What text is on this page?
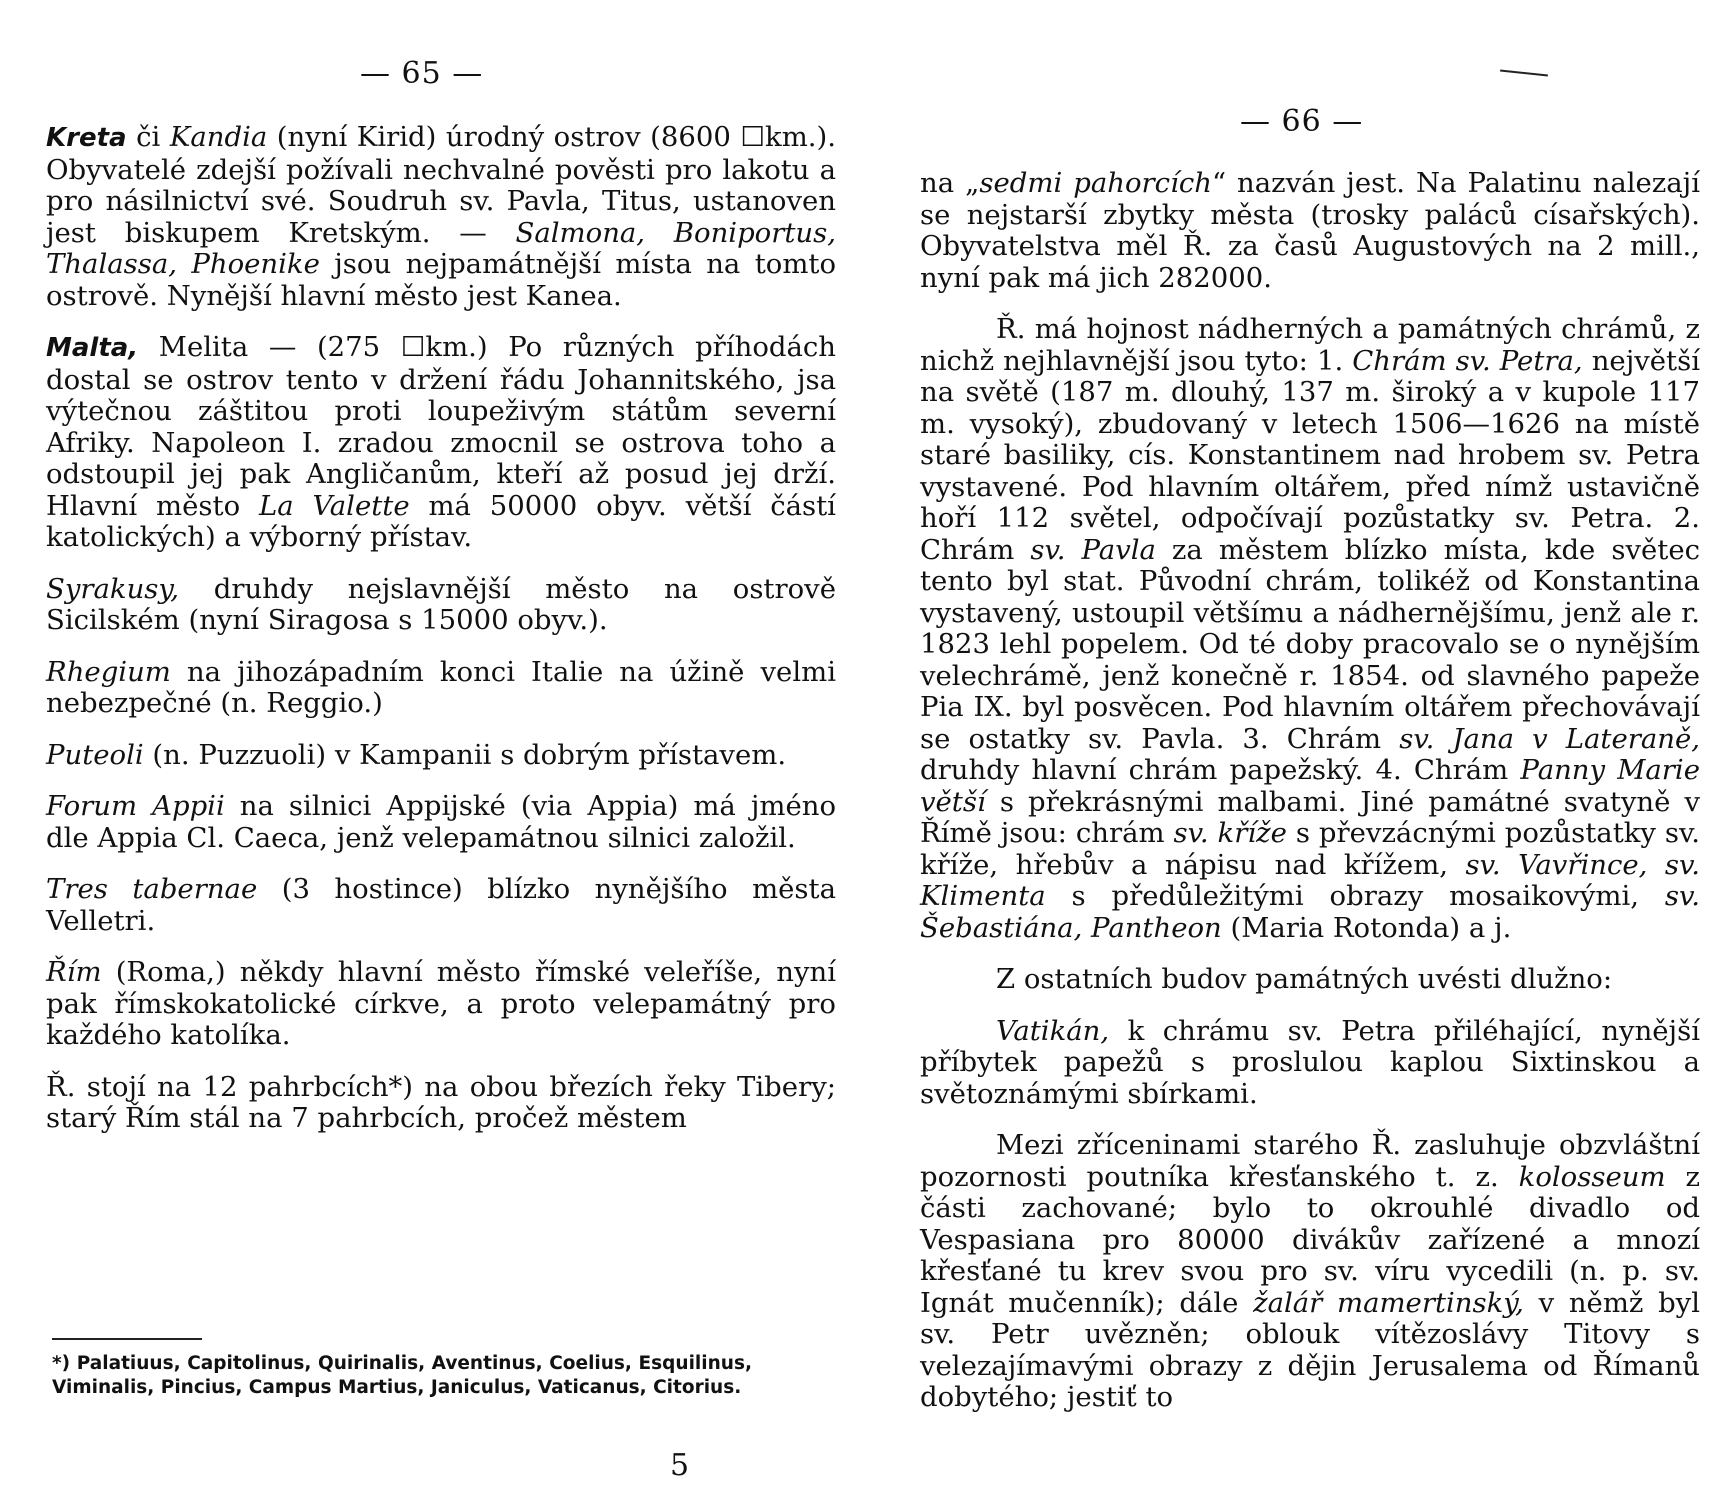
— 65 —

Kreta či Kandia (nyní Kirid) úrodný ostrov (8600 ☐km.). Obyvatelé zdejší požívali nechvalné pověsti pro lakotu a pro násilnictví své. Soudruh sv. Pavla, Titus, ustanoven jest biskupem Kretským. — Salmona, Boniportus, Thalassa, Phoenike jsou nejpamátnější místa na tomto ostrově. Nynější hlavní město jest Kanea.

Malta, Melita — (275 ☐km.) Po různých příhodách dostal se ostrov tento v držení řádu Johannitského, jsa výtečnou záštitou proti loupeživým státům severní Afriky. Napoleon I. zradou zmocnil se ostrova toho a odstoupil jej pak Angličanům, kteří až posud jej drží. Hlavní město La Valette má 50000 obyv. větší částí katolických) a výborný přístav.

Syrakusy, druhdy nejslavnější město na ostrově Sicilském (nyní Siragosa s 15000 obyv.).

Rhegium na jihozápadním konci Italie na úžině velmi nebezpečné (n. Reggio.)

Puteoli (n. Puzzuoli) v Kampanii s dobrým přístavem.

Forum Appii na silnici Appijské (via Appia) má jméno dle Appia Cl. Caeca, jenž velepamátnou silnici založil.

Tres tabernae (3 hostince) blízko nynějšího města Velletri.

Řím (Roma,) někdy hlavní město římské veleříše, nyní pak římskokatolické církve, a proto velepamátný pro každého katolíka.

Ř. stojí na 12 pahrbcích*) na obou březích řeky Tibery; starý Řím stál na 7 pahrbcích, pročež městem

*) Palatiuus, Capitolinus, Quirinalis, Aventinus, Coelius, Esquilinus, Viminalis, Pincius, Campus Martius, Janiculus, Vaticanus, Citorius.
5
— 66 —

na „sedmi pahorcích“ nazván jest. Na Palatinu nalezají se nejstarší zbytky města (trosky paláců císařských). Obyvatelstva měl Ř. za časů Augustových na 2 mill., nyní pak má jich 282000.

Ř. má hojnost nádherných a památných chrámů, z nichž nejhlavnější jsou tyto: 1. Chrám sv. Petra, největší na světě (187 m. dlouhý, 137 m. široký a v kupole 117 m. vysoký), zbudovaný v letech 1506—1626 na místě staré basiliky, cís. Konstantinem nad hrobem sv. Petra vystavené. Pod hlavním oltářem, před nímž ustavičně hoří 112 světel, odpočívají pozůstatky sv. Petra. 2. Chrám sv. Pavla za městem blízko místa, kde světec tento byl stat. Původní chrám, tolikéž od Konstantina vystavený, ustoupil většímu a nádhernějšímu, jenž ale r. 1823 lehl popelem. Od té doby pracovalo se o nynějším velechrámě, jenž konečně r. 1854. od slavného papeže Pia IX. byl posvěcen. Pod hlavním oltářem přechovávají se ostatky sv. Pavla. 3. Chrám sv. Jana v Lateraně, druhdy hlavní chrám papežský. 4. Chrám Panny Marie větší s překrásnými malbami. Jiné památné svatyně v Římě jsou: chrám sv. kříže s převzácnými pozůstatky sv. kříže, hřebův a nápisu nad křížem, sv. Vavřince, sv. Klimenta s předůležitými obrazy mosaikovými, sv. Šebastiána, Pantheon (Maria Rotonda) a j.

Z ostatních budov památných uvésti dlužno:

Vatikán, k chrámu sv. Petra přiléhající, nynější příbytek papežů s proslulou kaplou Sixtinskou a světoznámými sbírkami.

Mezi zříceninami starého Ř. zasluhuje obzvláštní pozornosti poutníka křesťanského t. z. kolosseum z části zachované; bylo to okrouhlé divadlo od Vespasiana pro 80000 divákův zařízené a mnozí křesťané tu krev svou pro sv. víru vycedili (n. p. sv. Ignát mučenník); dále žalář mamertinský, v němž byl sv. Petr uvězněn; oblouk vítězoslávy Titovy s velezajímavými obrazy z dějin Jerusalema od Římanů dobytého; jestiť to
